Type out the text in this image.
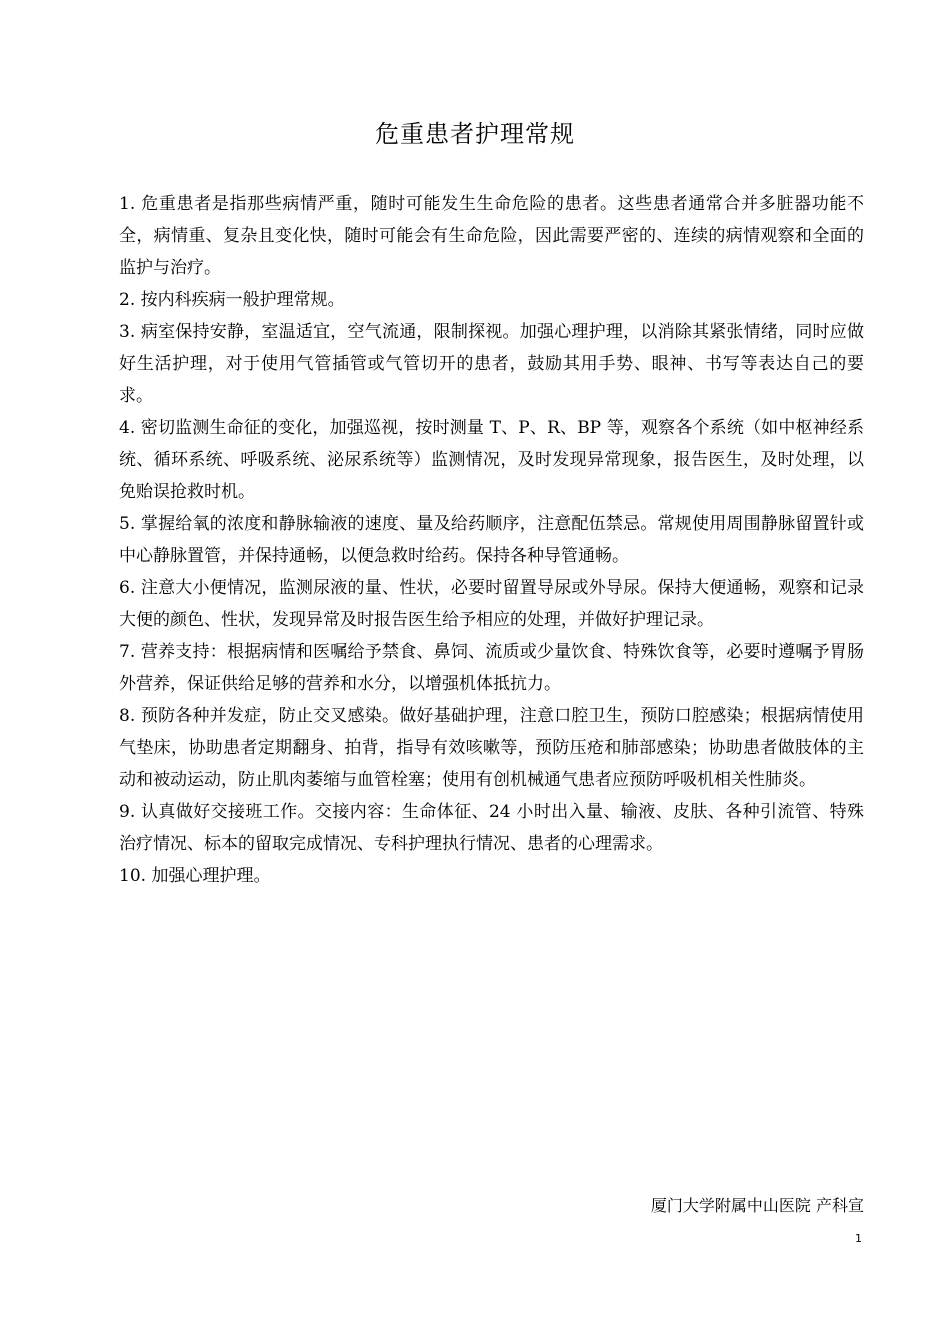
危重患者护理常规

1. 危重患者是指那些病情严重，随时可能发生生命危险的患者。这些患者通常合并多脏器功能不全，病情重、复杂且变化快，随时可能会有生命危险，因此需要严密的、连续的病情观察和全面的监护与治疗。

2. 按内科疾病一般护理常规。

3. 病室保持安静，室温适宜，空气流通，限制探视。加强心理护理，以消除其紧张情绪，同时应做好生活护理，对于使用气管插管或气管切开的患者，鼓励其用手势、眼神、书写等表达自己的要求。

4. 密切监测生命征的变化，加强巡视，按时测量 T、P、R、BP 等，观察各个系统（如中枢神经系统、循环系统、呼吸系统、泌尿系统等）监测情况，及时发现异常现象，报告医生，及时处理，以免贻误抢救时机。

5. 掌握给氧的浓度和静脉输液的速度、量及给药顺序，注意配伍禁忌。常规使用周围静脉留置针或中心静脉置管，并保持通畅，以便急救时给药。保持各种导管通畅。

6. 注意大小便情况，监测尿液的量、性状，必要时留置导尿或外导尿。保持大便通畅，观察和记录大便的颜色、性状，发现异常及时报告医生给予相应的处理，并做好护理记录。

7. 营养支持：根据病情和医嘱给予禁食、鼻饲、流质或少量饮食、特殊饮食等，必要时遵嘱予胃肠外营养，保证供给足够的营养和水分，以增强机体抵抗力。

8. 预防各种并发症，防止交叉感染。做好基础护理，注意口腔卫生，预防口腔感染；根据病情使用气垫床，协助患者定期翻身、拍背，指导有效咳嗽等，预防压疮和肺部感染；协助患者做肢体的主动和被动运动，防止肌肉萎缩与血管栓塞；使用有创机械通气患者应预防呼吸机相关性肺炎。

9. 认真做好交接班工作。交接内容：生命体征、24 小时出入量、输液、皮肤、各种引流管、特殊治疗情况、标本的留取完成情况、专科护理执行情况、患者的心理需求。

10. 加强心理护理。

厦门大学附属中山医院 产科宣
1
